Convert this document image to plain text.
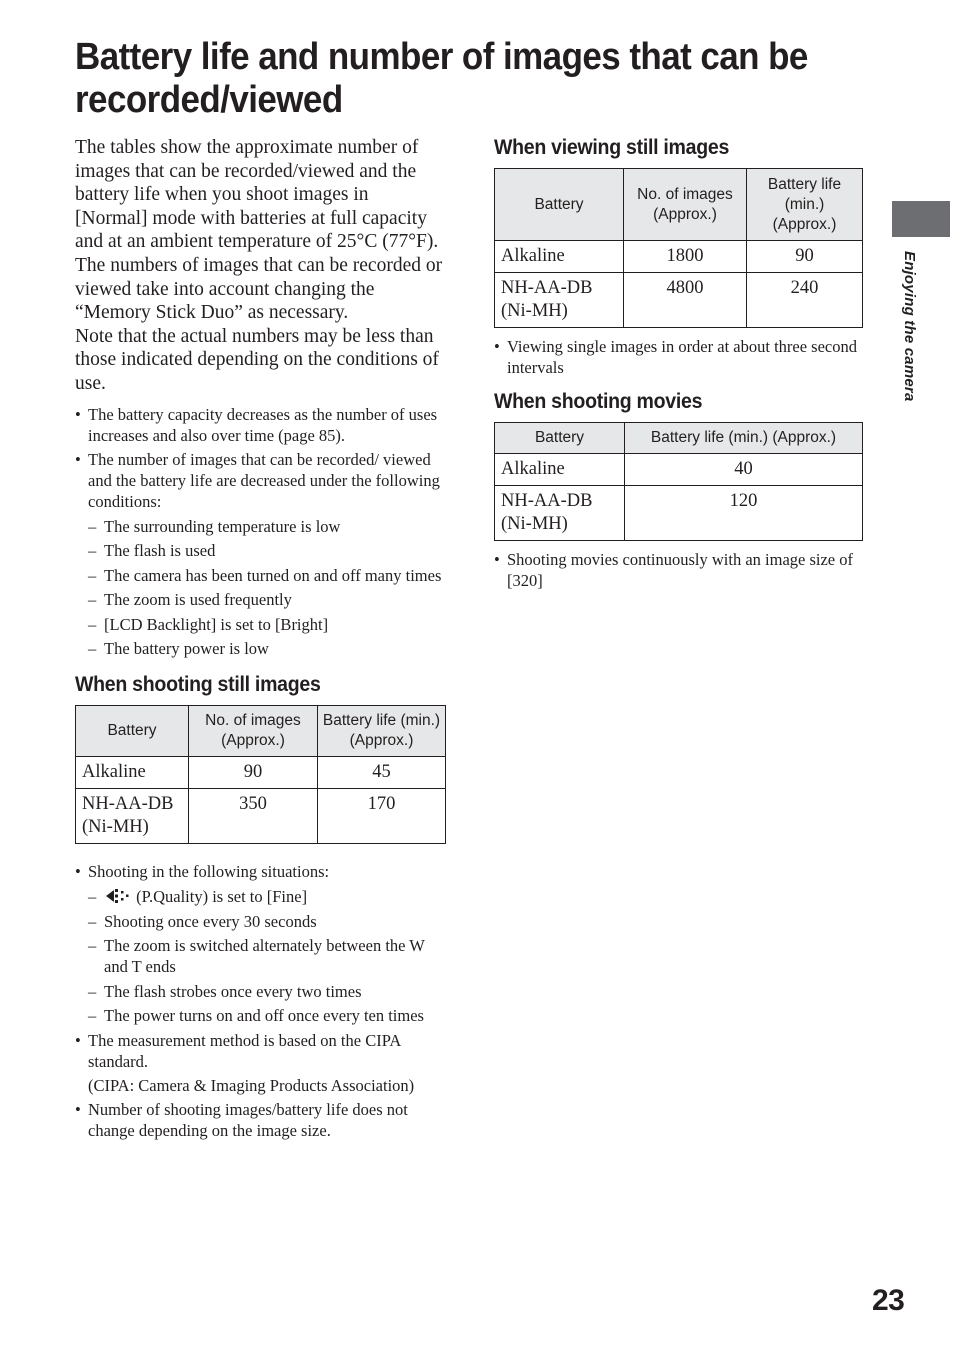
Battery life and number of images that can be recorded/viewed
Enjoying the camera

The tables show the approximate number of images that can be recorded/viewed and the battery life when you shoot images in [Normal] mode with batteries at full capacity and at an ambient temperature of 25°C (77°F). The numbers of images that can be recorded or viewed take into account changing the “Memory Stick Duo” as necessary.

Note that the actual numbers may be less than those indicated depending on the conditions of use.

• The battery capacity decreases as the number of uses increases and also over time (page 85).
• The number of images that can be recorded/ viewed and the battery life are decreased under the following conditions:
– The surrounding temperature is low
– The flash is used
– The camera has been turned on and off many times
– The zoom is used frequently
– [LCD Backlight] is set to [Bright]
– The battery power is low
When shooting still images
Battery	No. of images (Approx.)	Battery life (min.) (Approx.)
Alkaline	90	45
NH-AA-DB (Ni-MH)	350	170
• Shooting in the following situations:
– (P.Quality) is set to [Fine]
– Shooting once every 30 seconds
– The zoom is switched alternately between the W and T ends
– The flash strobes once every two times
– The power turns on and off once every ten times
• The measurement method is based on the CIPA standard.
(CIPA: Camera & Imaging Products Association)
• Number of shooting images/battery life does not change depending on the image size.
When viewing still images
Battery	No. of images (Approx.)	Battery life (min.) (Approx.)
Alkaline	1800	90
NH-AA-DB (Ni-MH)	4800	240
• Viewing single images in order at about three second intervals
When shooting movies
Battery	Battery life (min.) (Approx.)
Alkaline	40
NH-AA-DB (Ni-MH)	120
• Shooting movies continuously with an image size of [320]
23
